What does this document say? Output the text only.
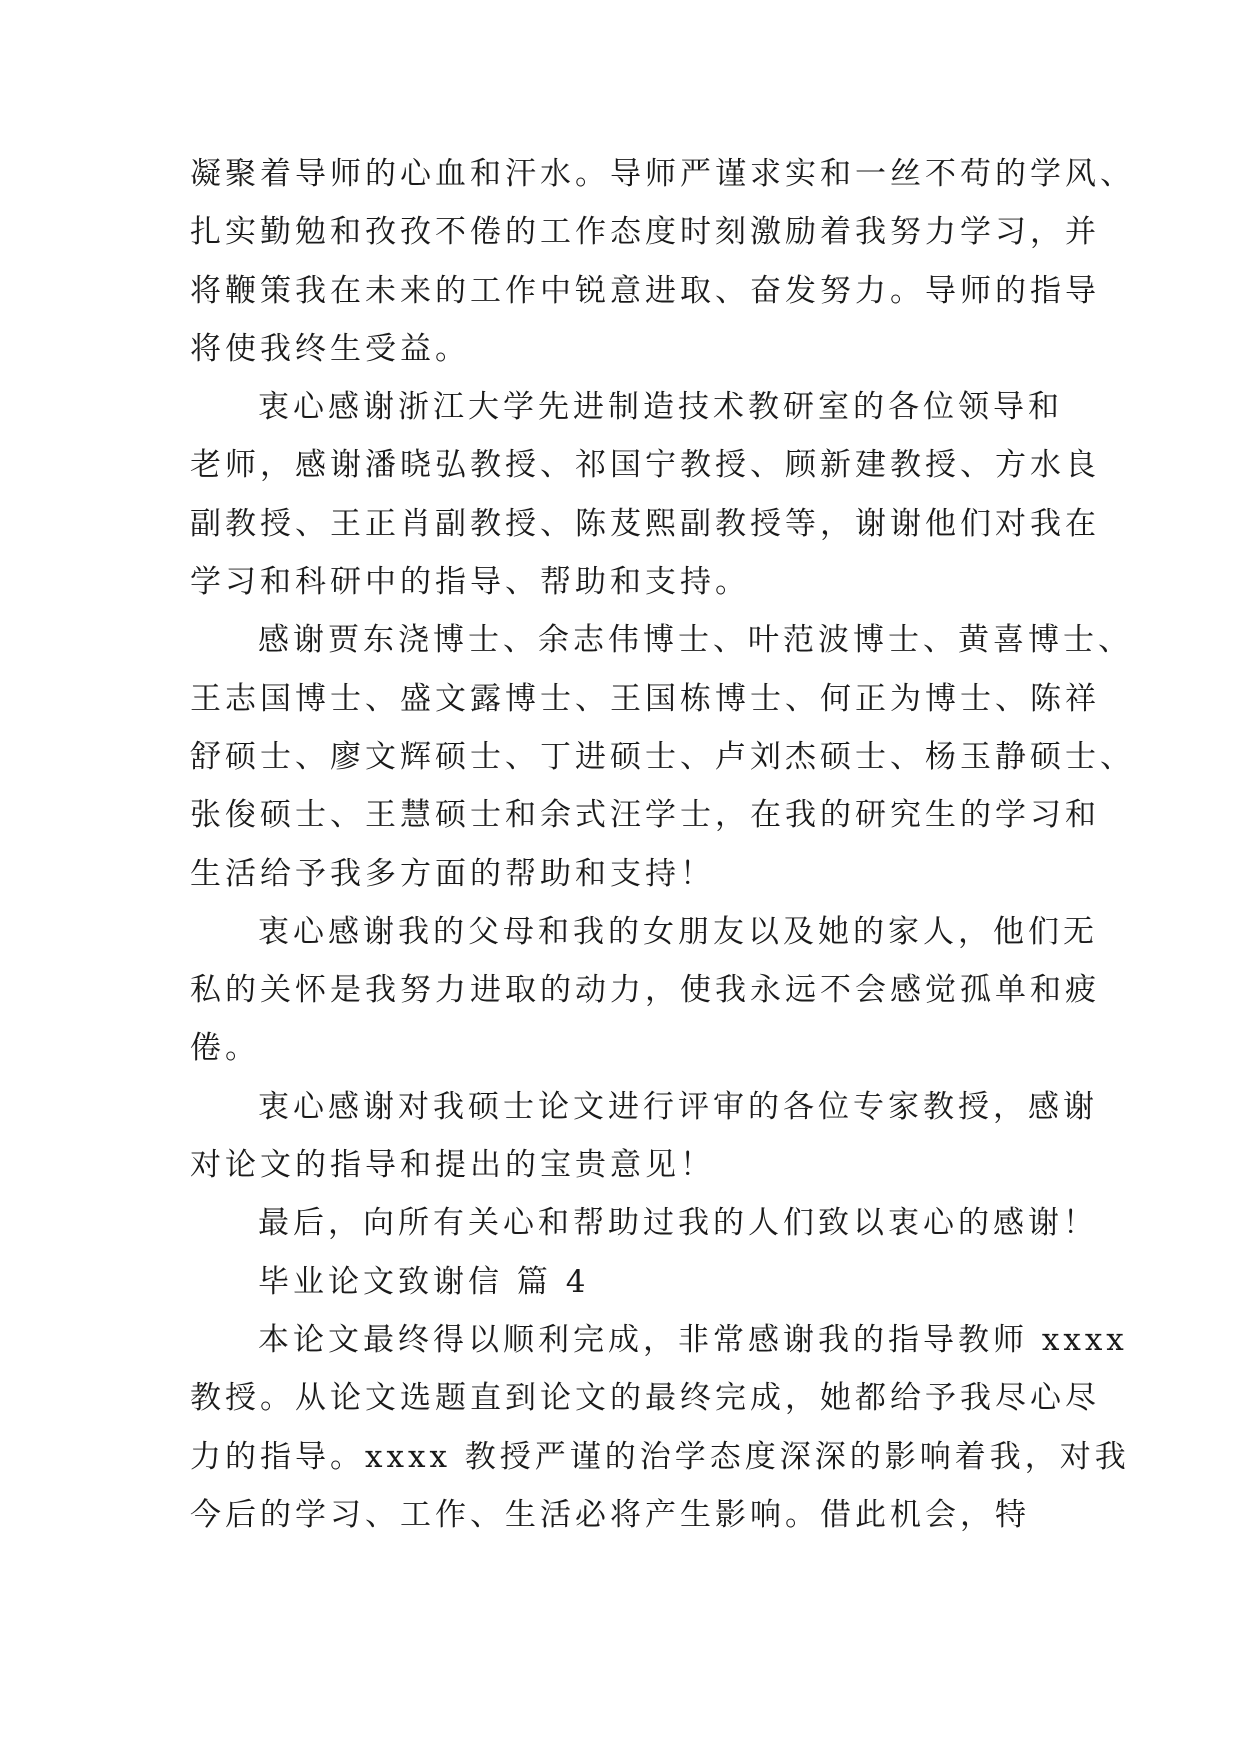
凝聚着导师的心血和汗水。导师严谨求实和一丝不苟的学风、
扎实勤勉和孜孜不倦的工作态度时刻激励着我努力学习，并
将鞭策我在未来的工作中锐意进取、奋发努力。导师的指导
将使我终生受益。
衷心感谢浙江大学先进制造技术教研室的各位领导和
老师，感谢潘晓弘教授、祁国宁教授、顾新建教授、方水良
副教授、王正肖副教授、陈芨熙副教授等，谢谢他们对我在
学习和科研中的指导、帮助和支持。
感谢贾东浇博士、余志伟博士、叶范波博士、黄喜博士、
王志国博士、盛文露博士、王国栋博士、何正为博士、陈祥
舒硕士、廖文辉硕士、丁进硕士、卢刘杰硕士、杨玉静硕士、
张俊硕士、王慧硕士和余式汪学士，在我的研究生的学习和
生活给予我多方面的帮助和支持！
衷心感谢我的父母和我的女朋友以及她的家人，他们无
私的关怀是我努力进取的动力，使我永远不会感觉孤单和疲
倦。
衷心感谢对我硕士论文进行评审的各位专家教授，感谢
对论文的指导和提出的宝贵意见！
最后，向所有关心和帮助过我的人们致以衷心的感谢！
毕业论文致谢信 篇 4
本论文最终得以顺利完成，非常感谢我的指导教师 xxxx
教授。从论文选题直到论文的最终完成，她都给予我尽心尽
力的指导。xxxx 教授严谨的治学态度深深的影响着我，对我
今后的学习、工作、生活必将产生影响。借此机会，特
